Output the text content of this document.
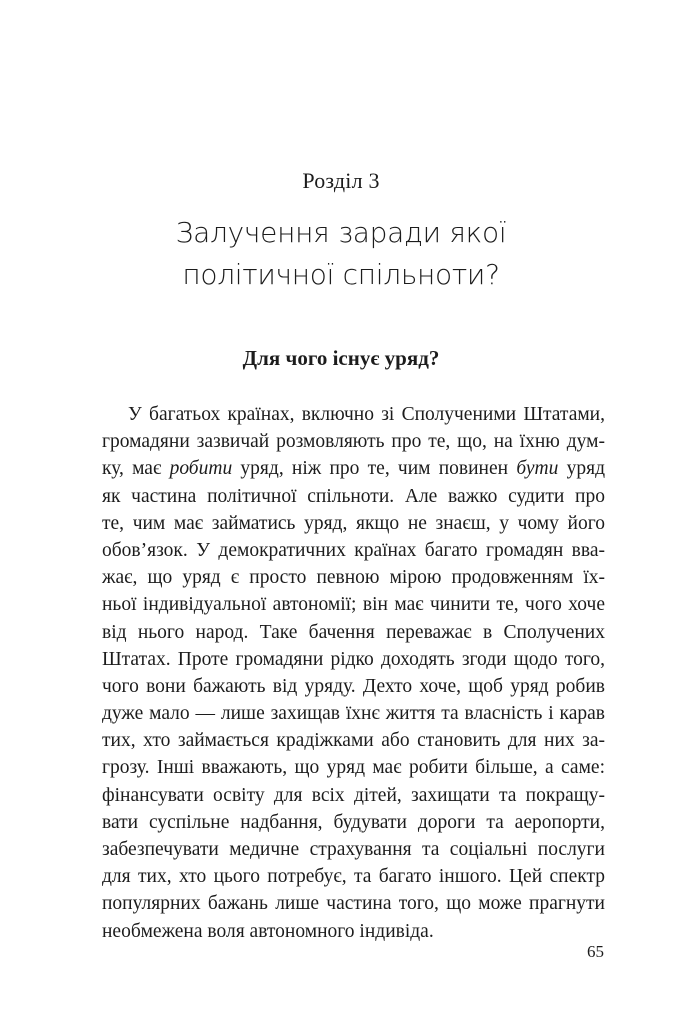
Розділ 3
Залучення заради якої
політичної спільноти?
Для чого існує уряд?
У багатьох країнах, включно зі Сполученими Штатами,
громадяни зазвичай розмовляють про те, що, на їхню дум-
ку, має робити уряд, ніж про те, чим повинен бути уряд
як частина політичної спільноти. Але важко судити про
те, чим має займатись уряд, якщо не знаєш, у чому його
обов’язок. У демократичних країнах багато громадян вва-
жає, що уряд є просто певною мірою продовженням їх-
ньої індивідуальної автономії; він має чинити те, чого хоче
від нього народ. Таке бачення переважає в Сполучених
Штатах. Проте громадяни рідко доходять згоди щодо того,
чого вони бажають від уряду. Дехто хоче, щоб уряд робив
дуже мало — лише захищав їхнє життя та власність і карав
тих, хто займається крадіжками або становить для них за-
грозу. Інші вважають, що уряд має робити більше, а саме:
фінансувати освіту для всіх дітей, захищати та покращу-
вати суспільне надбання, будувати дороги та аеропорти,
забезпечувати медичне страхування та соціальні послуги
для тих, хто цього потребує, та багато іншого. Цей спектр
популярних бажань лише частина того, що може прагнути
необмежена воля автономного індивіда.
65
